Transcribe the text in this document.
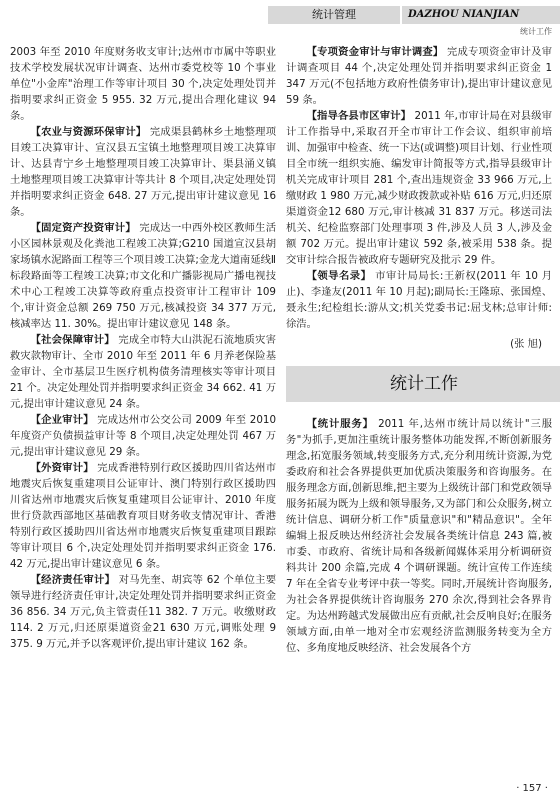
统计管理	DAZHOU NIANJIAN
统计工作

2003 年至 2010 年度财务收支审计;达州市市属中等职业技术学校发展状况审计调查、达州市委党校等 10 个事业单位"小金库"治理工作等审计项目 30 个,决定处理处罚并指明要求纠正资金 5 955. 32 万元,提出合理化建议 94 条。

【农业与资源环保审计】 完成渠县鹤林乡土地整理项目竣工决算审计、宣汉县五宝镇土地整理项目竣工决算审计、达县青宁乡土地整理项目竣工决算审计、渠县涌义镇土地整理项目竣工决算审计等共计 8 个项目,决定处理处罚并指明要求纠正资金 648. 27 万元,提出审计建议意见 16 条。

【固定资产投资审计】 完成达一中西外校区教师生活小区园林景观及化粪池工程竣工决算;G210 国道宣汉县胡家场镇水泥路面工程等三个项目竣工决算;金龙大道南延线Ⅱ标段路面等工程竣工决算;市文化和广播影视局广播电视技术中心工程竣工决算等政府重点投资审计工程审计 109 个,审计资金总额 269 750 万元,核减投资 34 377 万元,核减率达 11. 30%。提出审计建议意见 148 条。

【社会保障审计】 完成全市特大山洪泥石流地质灾害救灾款物审计、全市 2010 年至 2011 年 6 月养老保险基金审计、全市基层卫生医疗机构债务清理核实等审计项目 21 个。决定处理处罚并指明要求纠正资金 34 662. 41 万元,提出审计建议意见 24 条。

【企业审计】 完成达州市公交公司 2009 年至 2010 年度资产负债损益审计等 8 个项目,决定处理处罚 467 万元,提出审计建议意见 29 条。

【外资审计】 完成香港特别行政区援助四川省达州市地震灾后恢复重建项目公证审计、澳门特别行政区援助四川省达州市地震灾后恢复重建项目公证审计、2010 年度世行贷款西部地区基础教育项目财务收支情况审计、香港特别行政区援助四川省达州市地震灾后恢复重建项目跟踪等审计项目 6 个,决定处理处罚并指明要求纠正资金 176. 42 万元,提出审计建议意见 6 条。

【经济责任审计】 对马先奎、胡宾等 62 个单位主要领导进行经济责任审计,决定处理处罚并指明要求纠正资金 36 856. 34 万元,负主管责任11 382. 7 万元。收缴财政 114. 2 万元,归还原渠道资金21 630 万元,调账处理 9 375. 9 万元,并予以客观评价,提出审计建议 162 条。

【专项资金审计与审计调查】 完成专项资金审计及审计调查项目 44 个,决定处理处罚并指明要求纠正资金 1 347 万元(不包括地方政府性债务审计),提出审计建议意见 59 条。

【指导各县市区审计】 2011 年,市审计局在对县级审计工作指导中,采取召开全市审计工作会议、组织审前培训、加强审中检查、统一下达(或调整)项目计划、行业性项目全市统一组织实施、编发审计简报等方式,指导县级审计机关完成审计项目 281 个,查出违规资金 33 966 万元,上缴财政 1 980 万元,减少财政拨款或补贴 616 万元,归还原渠道资金12 680 万元,审计核减 31 837 万元。移送司法机关、纪检监察部门处理事项 3 件,涉及人员 3 人,涉及金额 702 万元。提出审计建议 592 条,被采用 538 条。提交审计综合报告被政府专题研究及批示 29 件。

【领导名录】 市审计局局长:王新权(2011 年 10 月止)、李逢友(2011 年 10 月起);副局长:王隆琼、张国煌、聂永生;纪检组长:游从文;机关党委书记:屈戈林;总审计师:徐浩。

(张 旭)
统计工作

【统计服务】 2011 年,达州市统计局以统计"三服务"为抓手,更加注重统计服务整体功能发挥,不断创新服务理念,拓宽服务领域,转变服务方式,充分利用统计资源,为党委政府和社会各界提供更加优质决策服务和咨询服务。在服务理念方面,创新思维,把主要为上级统计部门和党政领导服务拓展为既为上级和领导服务,又为部门和公众服务,树立统计信息、调研分析工作"质量意识"和"精品意识"。全年编辑上报反映达州经济社会发展各类统计信息 243 篇,被市委、市政府、省统计局和各级新闻媒体采用分析调研资料共计 200 余篇,完成 4 个调研课题。统计宣传工作连续 7 年在全省专业考评中获一等奖。同时,开展统计咨询服务,为社会各界提供统计咨询服务 270 余次,得到社会各界肯定。为达州跨越式发展做出应有贡献,社会反响良好;在服务领域方面,由单一地对全市宏观经济监测服务转变为全方位、多角度地反映经济、社会发展各个方

· 157 ·
